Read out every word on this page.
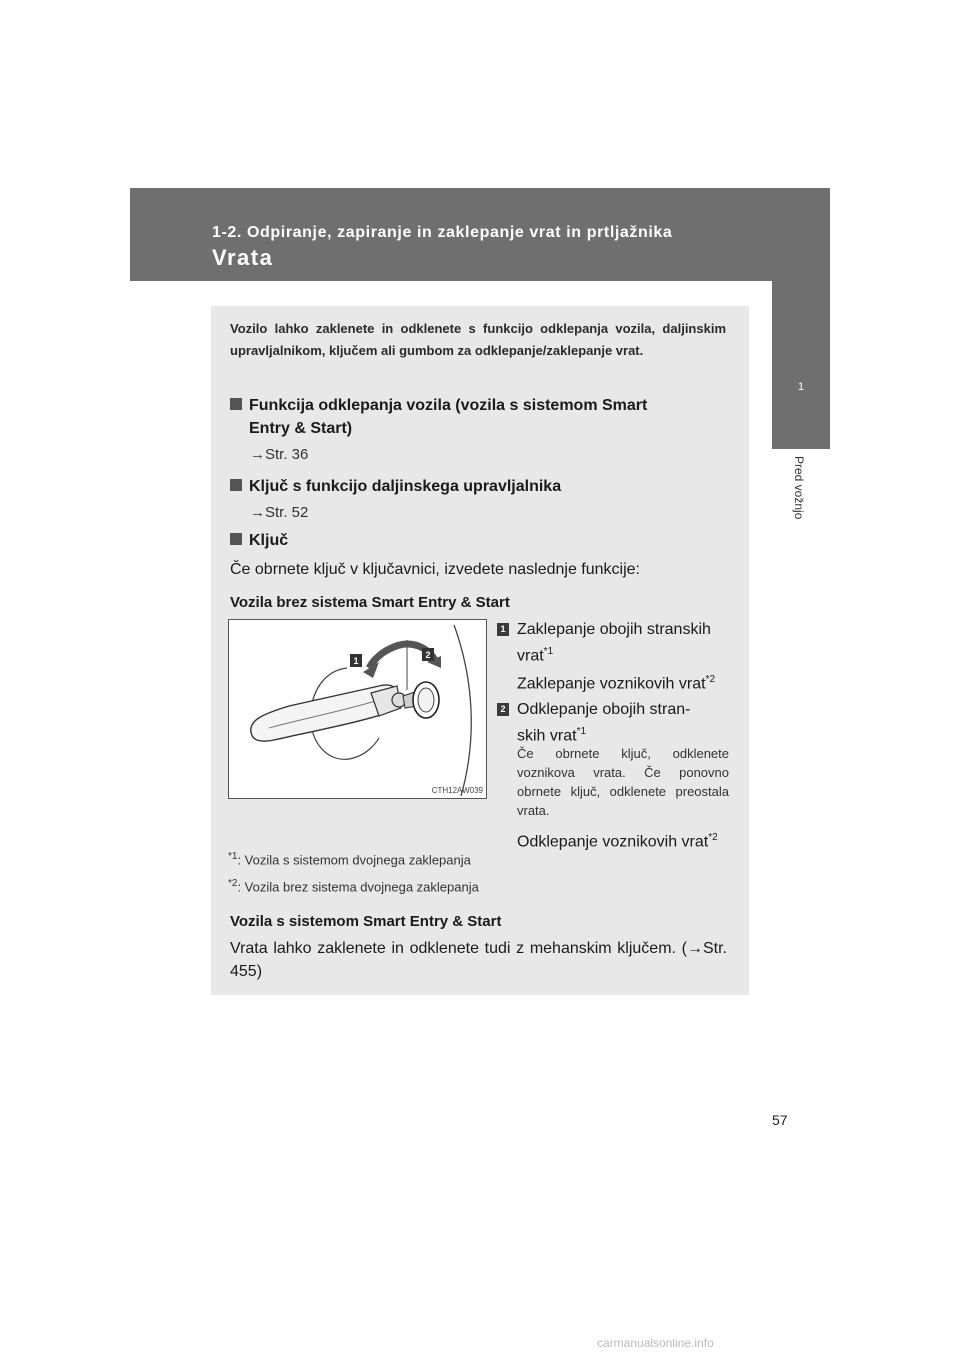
1-2. Odpiranje, zapiranje in zaklepanje vrat in prtljažnika
Vrata
1
Pred vožnjo
Vozilo lahko zaklenete in odklenete s funkcijo odklepanja vozila, daljinskim upravljalnikom, ključem ali gumbom za odklepanje/zaklepanje vrat.
Funkcija odklepanja vozila (vozila s sistemom Smart
Entry & Start)
→Str. 36
Ključ s funkcijo daljinskega upravljalnika
→Str. 52
Ključ
Če obrnete ključ v ključavnici, izvedete naslednje funkcije:
Vozila brez sistema Smart Entry & Start
1
2
CTH12AW039
1 Zaklepanje obojih stranskih
vrat$^{*1}$
Zaklepanje voznikovih vrat$^{*2}$
2 Odklepanje obojih stran-
skih vrat$^{*1}$
Če obrnete ključ, odklenete voznikova vrata. Če ponovno obrnete ključ, odklenete preostala vrata.
Odklepanje voznikovih vrat$^{*2}$
$^{*1}$: Vozila s sistemom dvojnega zaklepanja
$^{*2}$: Vozila brez sistema dvojnega zaklepanja
Vozila s sistemom Smart Entry & Start
Vrata lahko zaklenete in odklenete tudi z mehanskim ključem. (→Str. 455)
57
carmanualsonline.info
